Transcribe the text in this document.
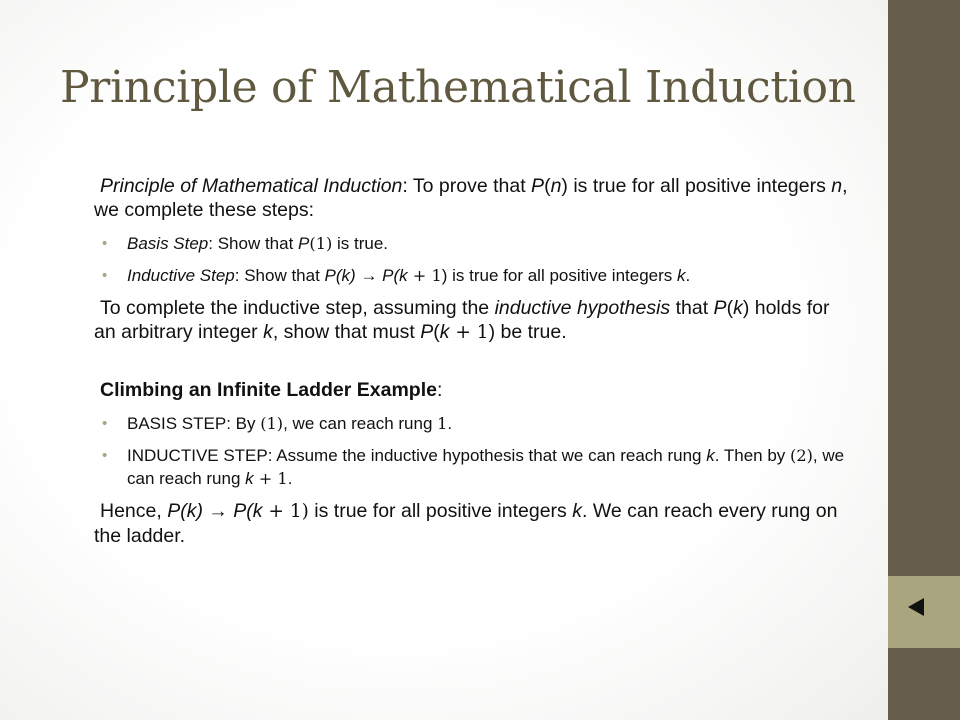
Principle of Mathematical Induction

Principle of Mathematical Induction: To prove that P(n) is true for all positive integers n, we complete these steps:

• Basis Step: Show that P(1) is true.
• Inductive Step: Show that P(k) → P(k + 1) is true for all positive integers k.

To complete the inductive step, assuming the inductive hypothesis that P(k) holds for an arbitrary integer k, show that must P(k + 1) be true.

Climbing an Infinite Ladder Example:

• BASIS STEP: By (1), we can reach rung 1.
• INDUCTIVE STEP: Assume the inductive hypothesis that we can reach rung k. Then by (2), we can reach rung k + 1.

Hence, P(k) → P(k + 1) is true for all positive integers k. We can reach every rung on the ladder.
